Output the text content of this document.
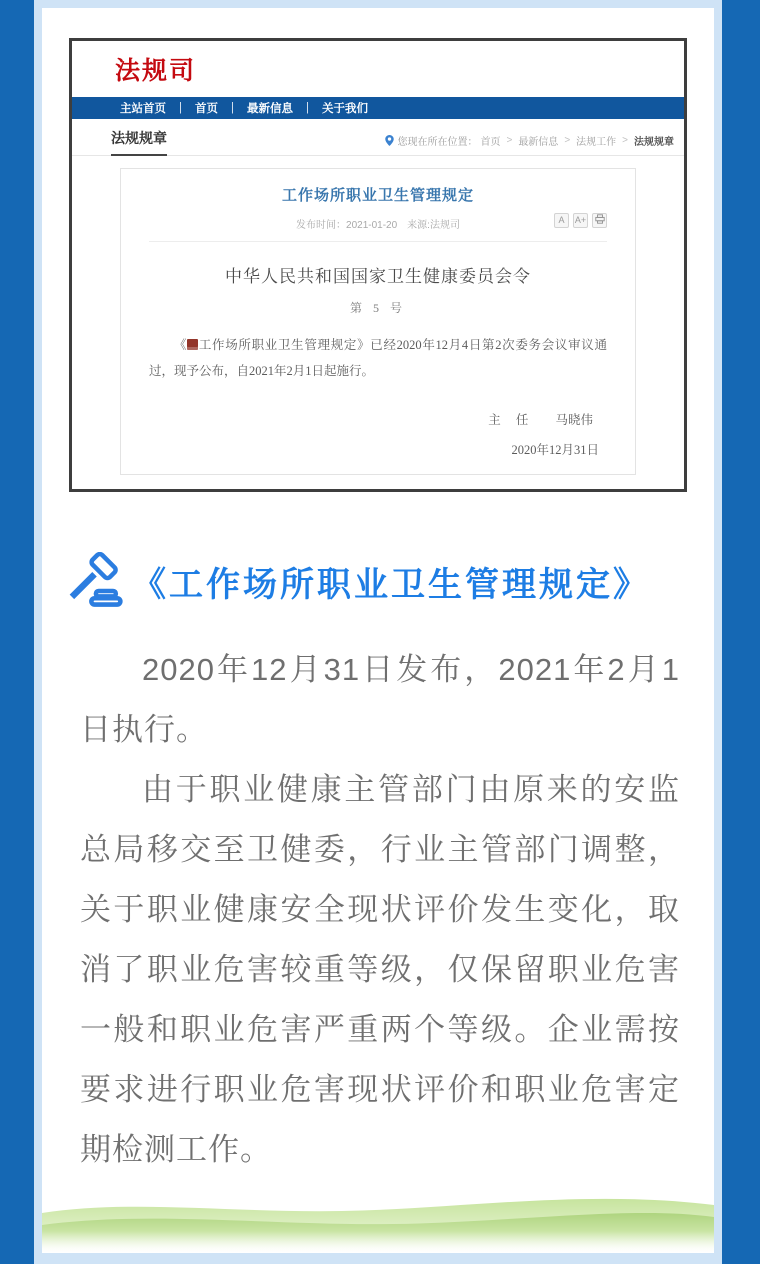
法规司
主站首页 | 首页 | 最新信息 | 关于我们
法规规章	您现在所在位置： 首页 > 最新信息 > 法规工作 > 法规规章
工作场所职业卫生管理规定
发布时间：2021-01-20　来源:法规司	A	A+
中华人民共和国国家卫生健康委员会令
第 5 号
《 工作场所职业卫生管理规定》已经2020年12月4日第2次委务会议审议通过，现予公布，自2021年2月1日起施行。
主 任 马晓伟
2020年12月31日
《工作场所职业卫生管理规定》

2020年12月31日发布，2021年2月1日执行。

由于职业健康主管部门由原来的安监总局移交至卫健委，行业主管部门调整，关于职业健康安全现状评价发生变化，取消了职业危害较重等级，仅保留职业危害一般和职业危害严重两个等级。企业需按要求进行职业危害现状评价和职业危害定期检测工作。
